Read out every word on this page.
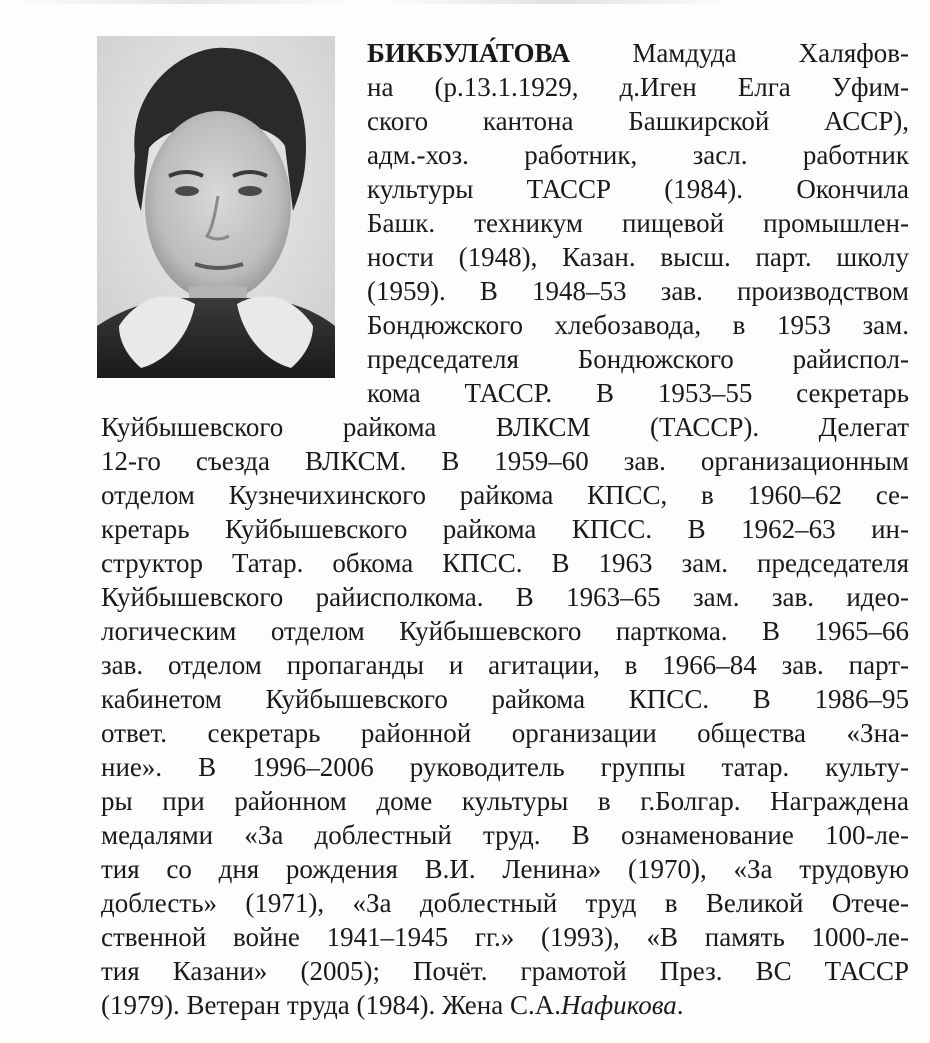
БИКБУЛА́ТОВА Мамдуда Халяфов-
на (р.13.1.1929, д.Иген Елга Уфим-
ского кантона Башкирской АССР),
адм.-хоз. работник, засл. работник
культуры ТАССР (1984). Окончила
Башк. техникум пищевой промышлен-
ности (1948), Казан. высш. парт. школу
(1959). В 1948–53 зав. производством
Бондюжского хлебозавода, в 1953 зам.
председателя Бондюжского райиспол-
кома ТАССР. В 1953–55 секретарь
Куйбышевского райкома ВЛКСМ (ТАССР). Делегат
12-го съезда ВЛКСМ. В 1959–60 зав. организационным
отделом Кузнечихинского райкома КПСС, в 1960–62 се-
кретарь Куйбышевского райкома КПСС. В 1962–63 ин-
структор Татар. обкома КПСС. В 1963 зам. председателя
Куйбышевского райисполкома. В 1963–65 зам. зав. идео-
логическим отделом Куйбышевского парткома. В 1965–66
зав. отделом пропаганды и агитации, в 1966–84 зав. парт-
кабинетом Куйбышевского райкома КПСС. В 1986–95
ответ. секретарь районной организации общества «Зна-
ние». В 1996–2006 руководитель группы татар. культу-
ры при районном доме культуры в г.Болгар. Награждена
медалями «За доблестный труд. В ознаменование 100-ле-
тия со дня рождения В.И. Ленина» (1970), «За трудовую
доблесть» (1971), «За доблестный труд в Великой Отече-
ственной войне 1941–1945 гг.» (1993), «В память 1000-ле-
тия Казани» (2005); Почёт. грамотой През. ВС ТАССР
(1979). Ветеран труда (1984). Жена С.А.Нафикова.
